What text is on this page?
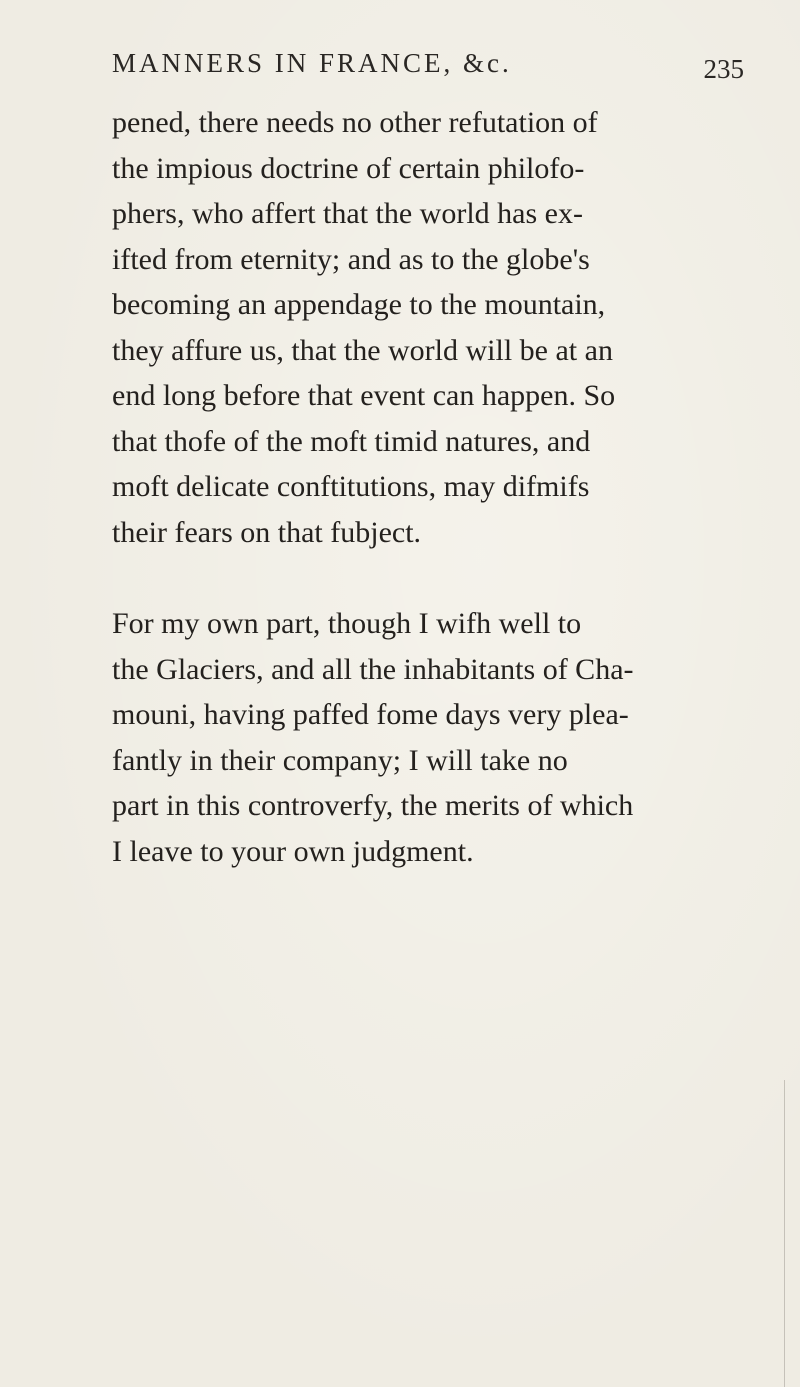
MANNERS IN FRANCE, &c.	235
pened, there needs no other refutation of
the impious doctrine of certain philofo-
phers, who affert that the world has ex-
ifted from eternity; and as to the globe's
becoming an appendage to the mountain,
they affure us, that the world will be at an
end long before that event can happen. So
that thofe of the moft timid natures, and
moft delicate conftitutions, may difmifs
their fears on that fubject.
For my own part, though I wifh well to
the Glaciers, and all the inhabitants of Cha-
mouni, having paffed fome days very plea-
fantly in their company; I will take no
part in this controverfy, the merits of which
I leave to your own judgment.
